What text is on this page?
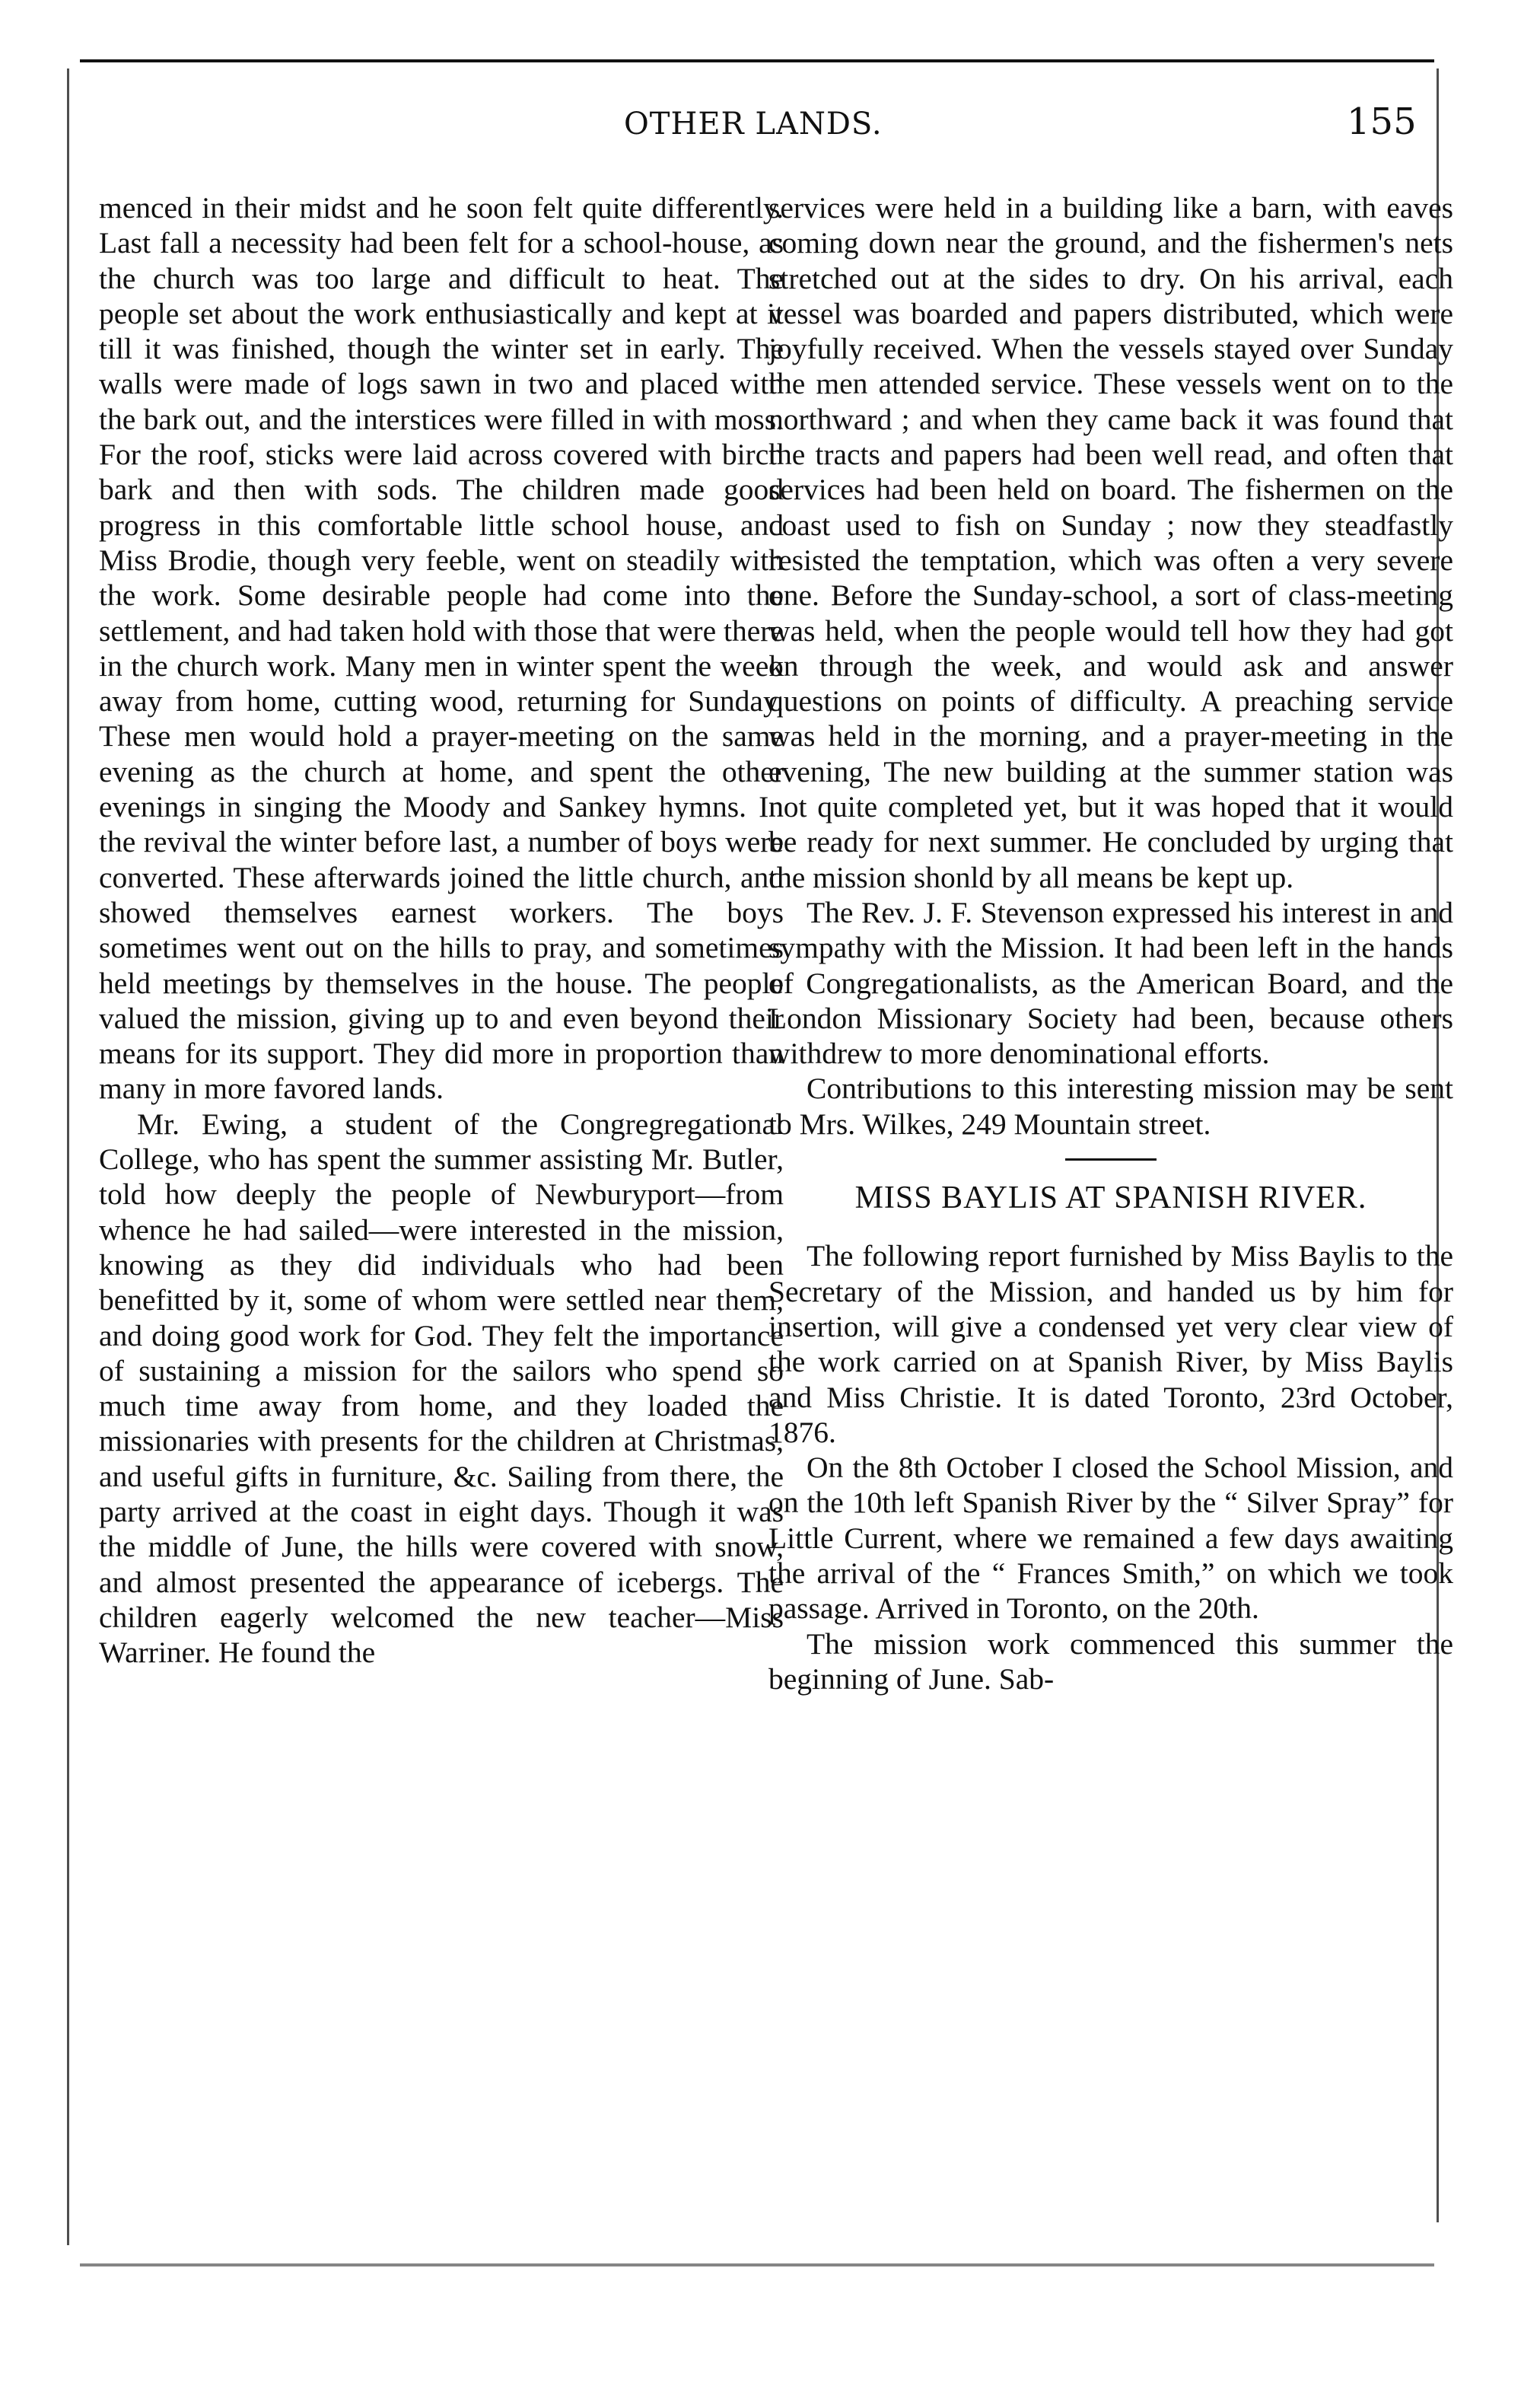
OTHER LANDS.	155

menced in their midst and he soon felt quite differently. Last fall a necessity had been felt for a school-house, as the church was too large and difficult to heat. The people set about the work enthusiastically and kept at it till it was finished, though the winter set in early. The walls were made of logs sawn in two and placed with the bark out, and the interstices were filled in with moss. For the roof, sticks were laid across covered with birch bark and then with sods. The children made good progress in this comfortable little school house, and Miss Brodie, though very feeble, went on steadily with the work. Some desirable people had come into the settlement, and had taken hold with those that were there in the church work. Many men in winter spent the week away from home, cutting wood, returning for Sunday. These men would hold a prayer-meeting on the same evening as the church at home, and spent the other evenings in singing the Moody and Sankey hymns. In the revival the winter before last, a number of boys were converted. These afterwards joined the little church, and showed themselves earnest workers. The boys sometimes went out on the hills to pray, and sometimes held meetings by themselves in the house. The people valued the mission, giving up to and even beyond their means for its support. They did more in proportion than many in more favored lands.

Mr. Ewing, a student of the Congregregational College, who has spent the summer assisting Mr. Butler, told how deeply the people of Newburyport—from whence he had sailed—were interested in the mission, knowing as they did individuals who had been benefitted by it, some of whom were settled near them, and doing good work for God. They felt the importance of sustaining a mission for the sailors who spend so much time away from home, and they loaded the missionaries with presents for the children at Christmas, and useful gifts in furniture, &c. Sailing from there, the party arrived at the coast in eight days. Though it was the middle of June, the hills were covered with snow, and almost presented the appearance of icebergs. The children eagerly welcomed the new teacher—Miss Warriner. He found the

services were held in a building like a barn, with eaves coming down near the ground, and the fishermen's nets stretched out at the sides to dry. On his arrival, each vessel was boarded and papers distributed, which were joyfully received. When the vessels stayed over Sunday the men attended service. These vessels went on to the northward ; and when they came back it was found that the tracts and papers had been well read, and often that services had been held on board. The fishermen on the coast used to fish on Sunday ; now they steadfastly resisted the temptation, which was often a very severe one. Before the Sunday-school, a sort of class-meeting was held, when the people would tell how they had got on through the week, and would ask and answer questions on points of difficulty. A preaching service was held in the morning, and a prayer-meeting in the evening, The new building at the summer station was not quite completed yet, but it was hoped that it would be ready for next summer. He concluded by urging that the mission shonld by all means be kept up.

The Rev. J. F. Stevenson expressed his interest in and sympathy with the Mission. It had been left in the hands of Congregationalists, as the American Board, and the London Missionary Society had been, because others withdrew to more denominational efforts.

Contributions to this interesting mission may be sent to Mrs. Wilkes, 249 Mountain street.

MISS BAYLIS AT SPANISH RIVER.

The following report furnished by Miss Baylis to the Secretary of the Mission, and handed us by him for insertion, will give a condensed yet very clear view of the work carried on at Spanish River, by Miss Baylis and Miss Christie. It is dated Toronto, 23rd October, 1876.

On the 8th October I closed the School Mission, and on the 10th left Spanish River by the “ Silver Spray” for Little Current, where we remained a few days awaiting the arrival of the “ Frances Smith,” on which we took passage. Arrived in Toronto, on the 20th.

The mission work commenced this summer the beginning of June. Sab-
